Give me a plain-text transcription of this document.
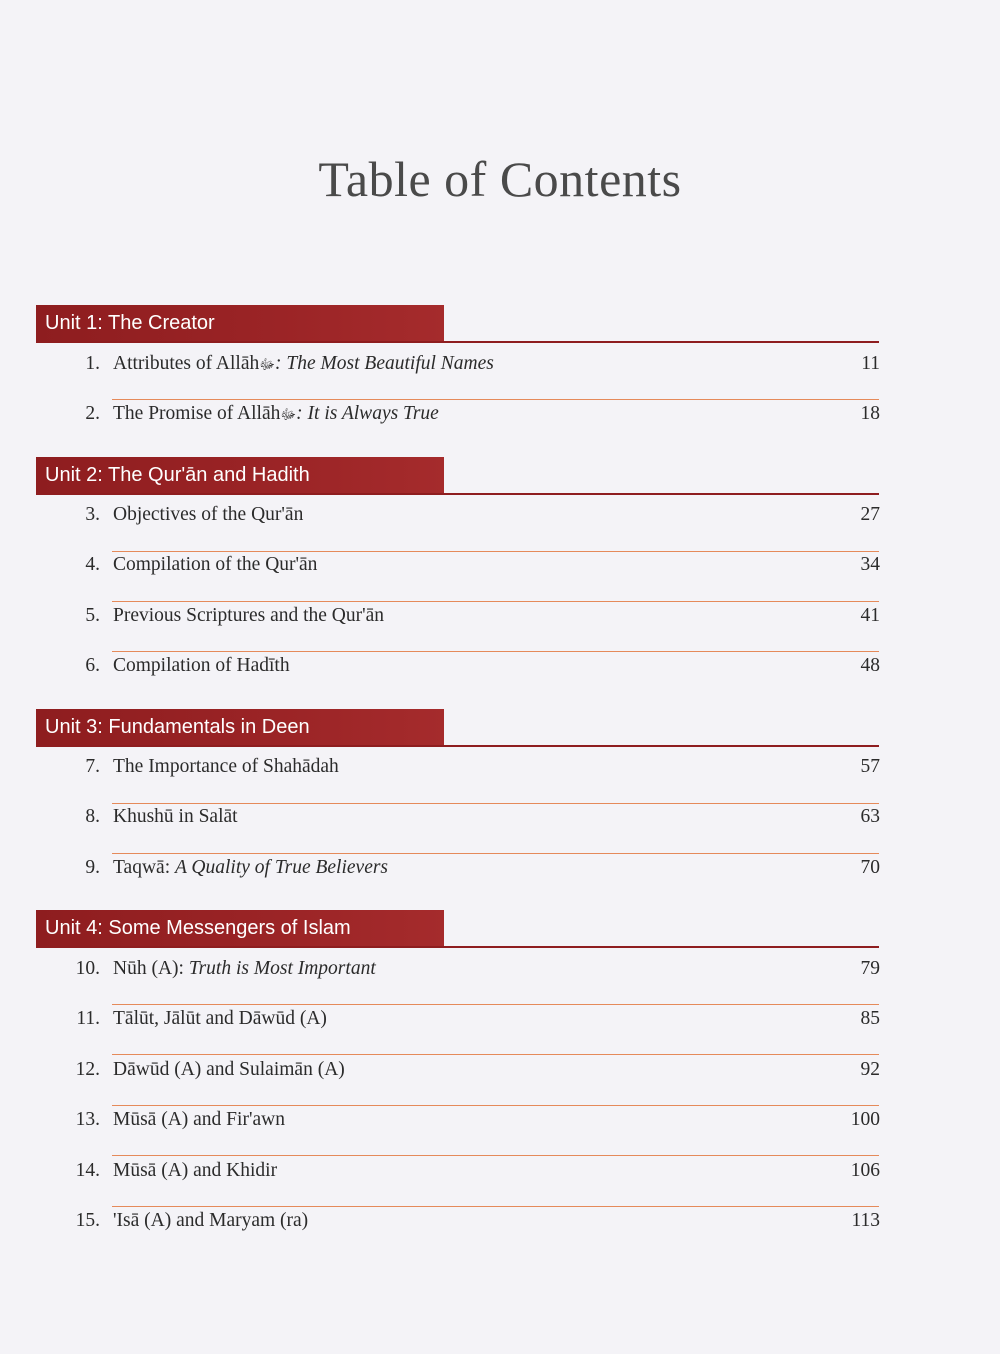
Table of Contents
Unit 1: The Creator
1. Attributes of Allāhﷻ: The Most Beautiful Names	11
2. The Promise of Allāhﷻ: It is Always True	18
Unit 2: The Qur'ān and Hadith
3. Objectives of the Qur'ān	27
4. Compilation of the Qur'ān	34
5. Previous Scriptures and the Qur'ān	41
6. Compilation of Hadīth	48
Unit 3: Fundamentals in Deen
7. The Importance of Shahādah	57
8. Khushū in Salāt	63
9. Taqwā: A Quality of True Believers	70
Unit 4: Some Messengers of Islam
10. Nūh (A): Truth is Most Important	79
11. Tālūt, Jālūt and Dāwūd (A)	85
12. Dāwūd (A) and Sulaimān (A)	92
13. Mūsā (A) and Fir'awn	100
14. Mūsā (A) and Khidir	106
15. 'Isā (A) and Maryam (ra)	113
